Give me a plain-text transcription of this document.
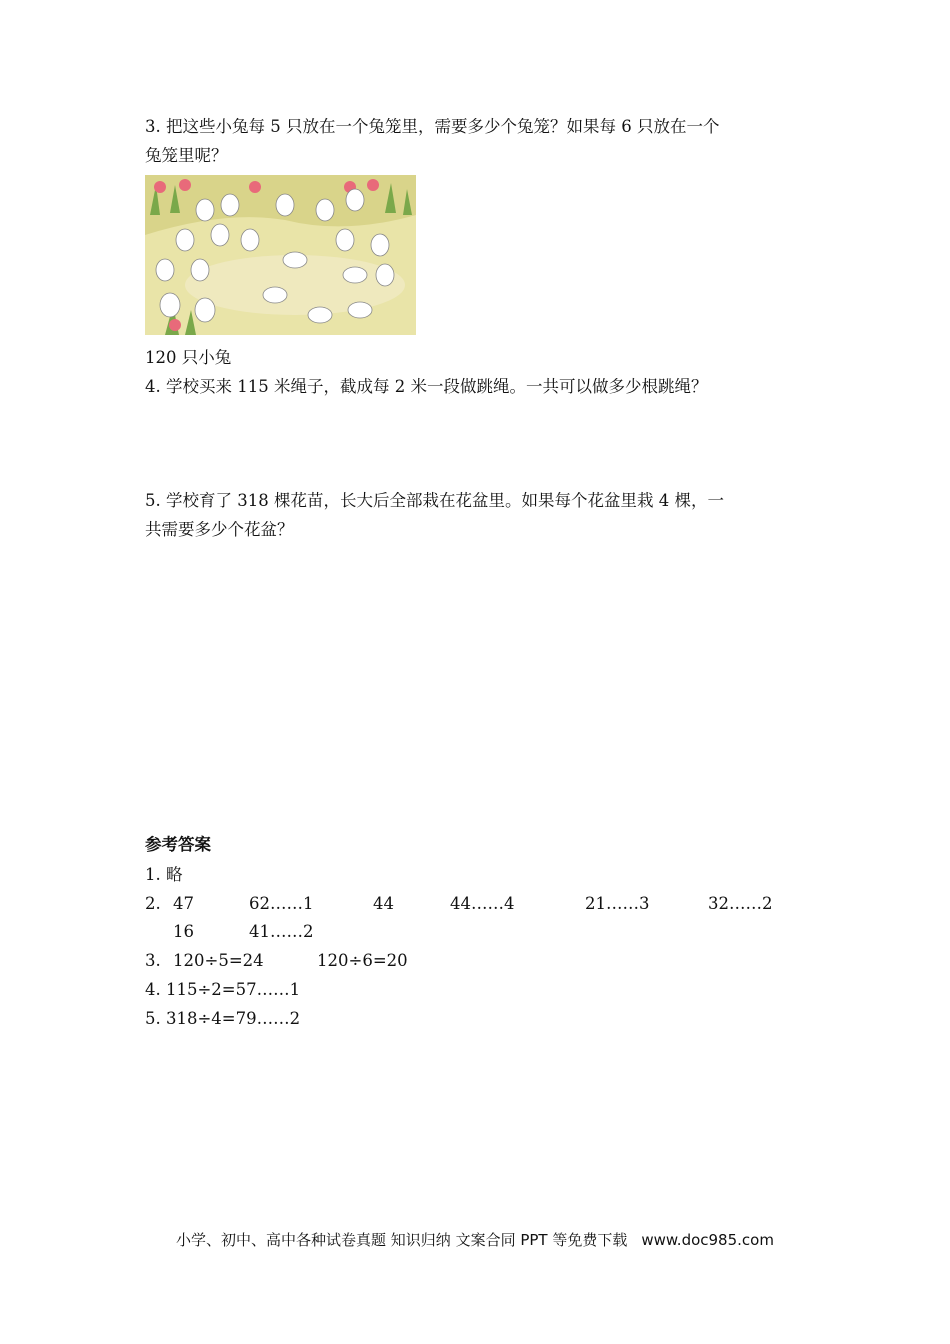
3. 把这些小兔每 5 只放在一个兔笼里，需要多少个兔笼？如果每 6 只放在一个
兔笼里呢？
120 只小兔
4. 学校买来 115 米绳子，截成每 2 米一段做跳绳。一共可以做多少根跳绳？
5. 学校育了 318 棵花苗，长大后全部栽在花盆里。如果每个花盆里栽 4 棵，一
共需要多少个花盆？
参考答案
1. 略
2. 47	62……1	44	44……4	21……3	32……2
16	41……2
3. 120÷5=24	120÷6=20
4. 115÷2=57……1
5. 318÷4=79……2
小学、初中、高中各种试卷真题 知识归纳 文案合同 PPT 等免费下载 www.doc985.com
